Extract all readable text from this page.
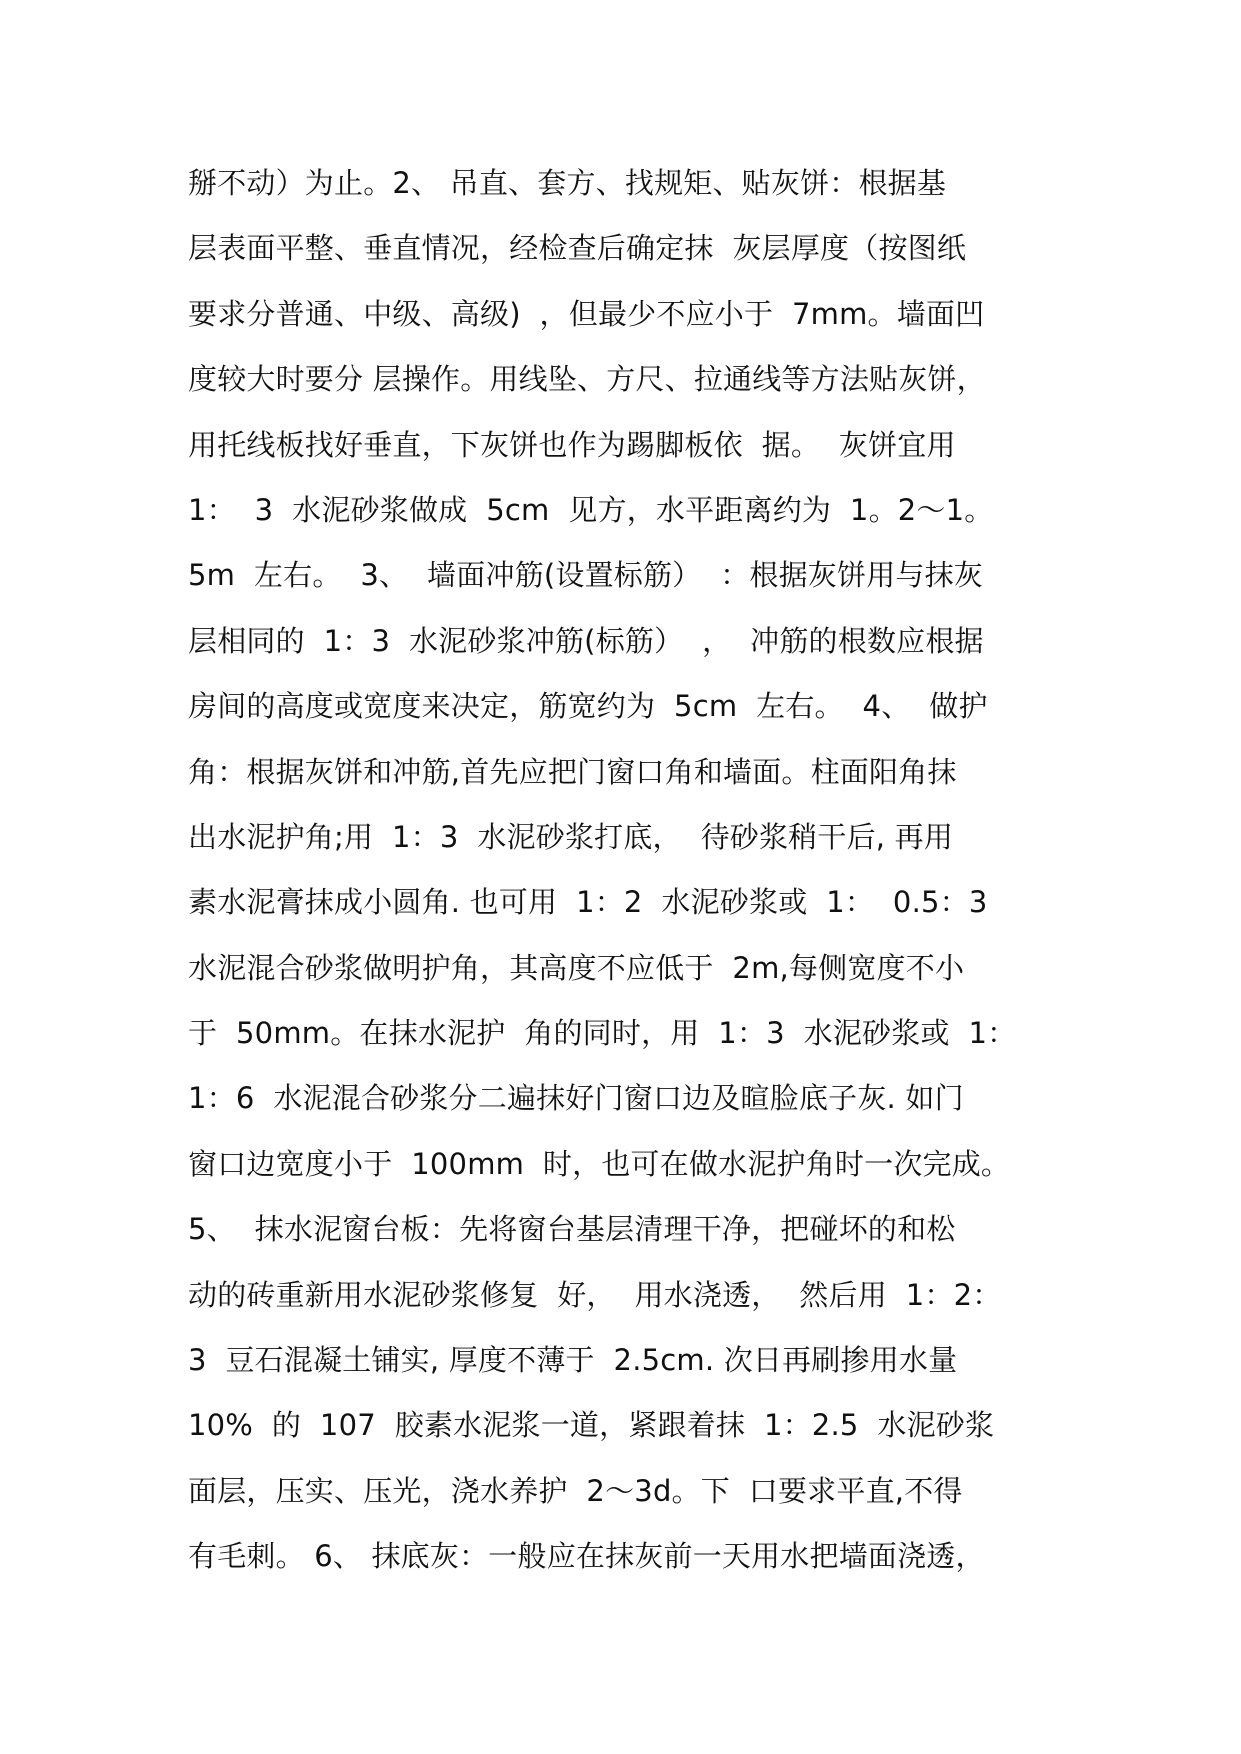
掰不动）为止。2、 吊直、套方、找规矩、贴灰饼：根据基
层表面平整、垂直情况，经检查后确定抹  灰层厚度（按图纸
要求分普通、中级、高级)  ，但最少不应小于  7mm。墙面凹
度较大时要分 层操作。用线坠、方尺、拉通线等方法贴灰饼，
用托线板找好垂直，下灰饼也作为踢脚板依  据。  灰饼宜用
1：  3  水泥砂浆做成  5cm  见方，水平距离约为  1。2～1。
5m  左右。  3、  墙面冲筋(设置标筋）  ：根据灰饼用与抹灰
层相同的  1：3  水泥砂浆冲筋(标筋）  ，  冲筋的根数应根据
房间的高度或宽度来决定，筋宽约为  5cm  左右。  4、  做护
角：根据灰饼和冲筋,首先应把门窗口角和墙面。柱面阳角抹
出水泥护角;用  1：3  水泥砂浆打底，  待砂浆稍干后, 再用
素水泥膏抹成小圆角. 也可用  1：2  水泥砂浆或  1：  0.5：3
水泥混合砂浆做明护角，其高度不应低于  2m,每侧宽度不小
于  50mm。在抹水泥护  角的同时，用  1：3  水泥砂浆或  1：
1：6  水泥混合砂浆分二遍抹好门窗口边及暄脸底子灰. 如门
窗口边宽度小于  100mm  时，也可在做水泥护角时一次完成。
5、  抹水泥窗台板：先将窗台基层清理干净，把碰坏的和松
动的砖重新用水泥砂浆修复  好，  用水浇透，  然后用  1：2：
3  豆石混凝土铺实, 厚度不薄于  2.5cm. 次日再刷掺用水量
10%  的  107  胶素水泥浆一道，紧跟着抹  1：2.5  水泥砂浆
面层，压实、压光，浇水养护  2～3d。下  口要求平直,不得
有毛刺。 6、 抹底灰：一般应在抹灰前一天用水把墙面浇透，
